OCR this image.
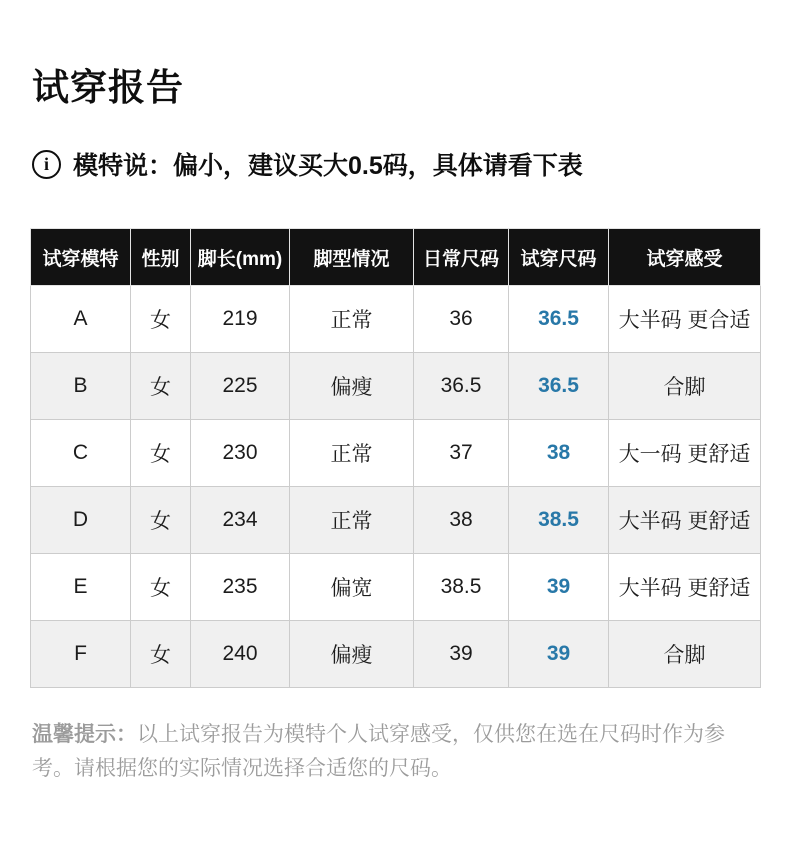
试穿报告
i 模特说：偏小，建议买大0.5码，具体请看下表
试穿模特	性别	脚长(mm)	脚型情况	日常尺码	试穿尺码	试穿感受
A	女	219	正常	36	36.5	大半码 更合适
B	女	225	偏瘦	36.5	36.5	合脚
C	女	230	正常	37	38	大一码 更舒适
D	女	234	正常	38	38.5	大半码 更舒适
E	女	235	偏宽	38.5	39	大半码 更舒适
F	女	240	偏瘦	39	39	合脚

温馨提示：以上试穿报告为模特个人试穿感受，仅供您在选在尺码时作为参考。请根据您的实际情况选择合适您的尺码。
